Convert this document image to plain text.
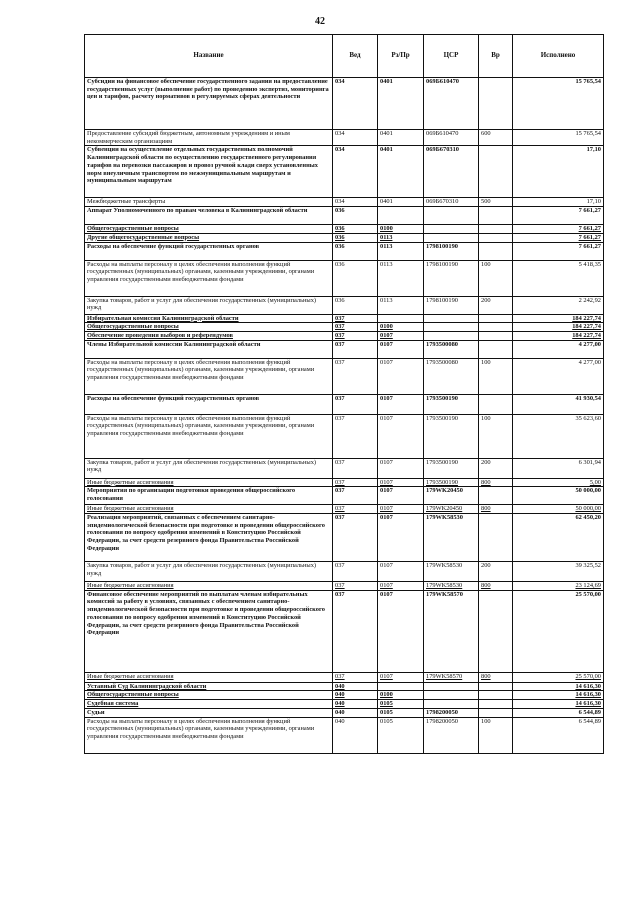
42
Название	Вед	Рз/Пр	ЦСР	Вр	Исполнено
Субсидии на финансовое обеспечение государственного задания на предоставление государственных услуг (выполнение работ) по проведению экспертиз, мониторинга цен и тарифов, расчету нормативов в регулируемых сферах деятельности	034	0401	069Б610470		15 765,54
Предоставление субсидий бюджетным, автономным учреждениям и иным некоммерческим организациям	034	0401	069Б610470	600	15 765,54
Субвенции на осуществление отдельных государственных полномочий Калининградской области по осуществлению государственного регулирования тарифов на перевозки пассажиров и провоз ручной клади сверх установленных норм внеуличным транспортом по межмуниципальным маршрутам и муниципальным маршрутам	034	0401	069Б670310		17,10
Межбюджетные трансферты	034	0401	069Б670310	500	17,10
Аппарат Уполномоченного по правам человека в Калининградской области	036				7 661,27
Общегосударственные вопросы	036	0100			7 661,27
Другие общегосударственные вопросы	036	0113			7 661,27
Расходы на обеспечение функций государственных органов	036	0113	1798100190		7 661,27
Расходы на выплаты персоналу в целях обеспечения выполнения функций государственных (муниципальных) органами, казенными учреждениями, органами управления государственными внебюджетными фондами	036	0113	1798100190	100	5 418,35
Закупка товаров, работ и услуг для обеспечения государственных (муниципальных) нужд	036	0113	1798100190	200	2 242,92
Избирательная комиссия Калининградской области	037				184 227,74
Общегосударственные вопросы	037	0100			184 227,74
Обеспечение проведения выборов и референдумов	037	0107			184 227,74
Члены Избирательной комиссии Калининградской области	037	0107	1793500080		4 277,00
Расходы на выплаты персоналу в целях обеспечения выполнения функций государственных (муниципальных) органами, казенными учреждениями, органами управления государственными внебюджетными фондами	037	0107	1793500080	100	4 277,00
Расходы на обеспечение функций государственных органов	037	0107	1793500190		41 930,54
Расходы на выплаты персоналу в целях обеспечения выполнения функций государственных (муниципальных) органами, казенными учреждениями, органами управления государственными внебюджетными фондами	037	0107	1793500190	100	35 623,60
Закупка товаров, работ и услуг для обеспечения государственных (муниципальных) нужд	037	0107	1793500190	200	6 301,94
Иные бюджетные ассигнования	037	0107	1793500190	800	5,00
Мероприятия по организации подготовки проведения общероссийского голосования	037	0107	179WK20450		50 000,00
Иные бюджетные ассигнования	037	0107	179WK20450	800	50 000,00
Реализация мероприятий, связанных с обеспечением санитарно-эпидемиологической безопасности при подготовке и проведении общероссийского голосования по вопросу одобрения изменений в Конституцию Российской Федерации, за счет средств резервного фонда Правительства Российской Федерации	037	0107	179WK58530		62 450,20
Закупка товаров, работ и услуг для обеспечения государственных (муниципальных) нужд	037	0107	179WK58530	200	39 325,52
Иные бюджетные ассигнования	037	0107	179WK58530	800	23 124,69
Финансовое обеспечение мероприятий по выплатам членам избирательных комиссий за работу в условиях, связанных с обеспечением санитарно-эпидемиологической безопасности при подготовке и проведении общероссийского голосования по вопросу одобрения изменений в Конституцию Российской Федерации, за счет средств резервного фонда Правительства Российской Федерации	037	0107	179WK58570		25 570,00
Иные бюджетные ассигнования	037	0107	179WK58570	800	25 570,00
Уставный Суд Калининградской области	040				14 616,30
Общегосударственные вопросы	040	0100			14 616,30
Судебная система	040	0105			14 616,30
Судьи	040	0105	1798200050		6 544,89
Расходы на выплаты персоналу в целях обеспечения выполнения функций государственных (муниципальных) органами, казенными учреждениями, органами управления государственными внебюджетными фондами	040	0105	1798200050	100	6 544,89
